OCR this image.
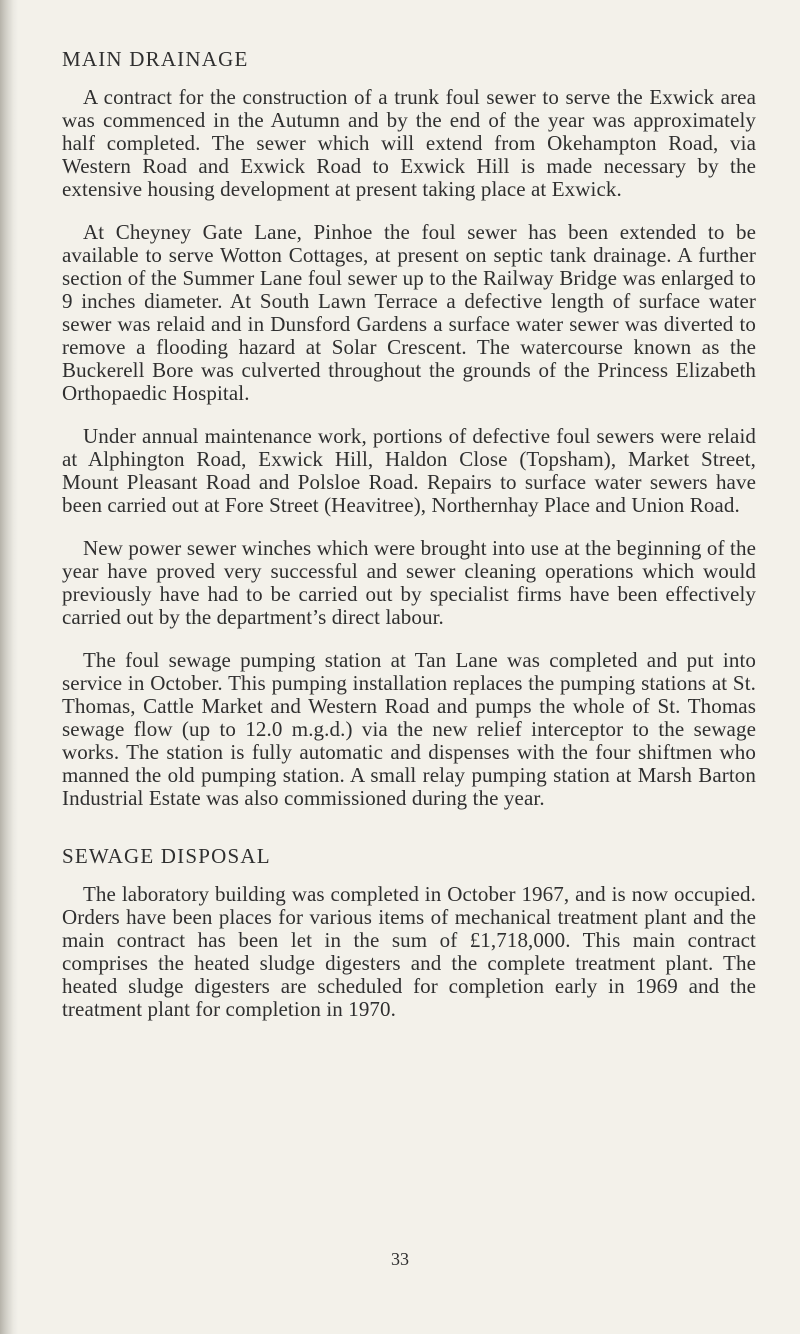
MAIN DRAINAGE

A contract for the construction of a trunk foul sewer to serve the Exwick area was commenced in the Autumn and by the end of the year was approximately half completed. The sewer which will extend from Okehampton Road, via Western Road and Exwick Road to Exwick Hill is made necessary by the extensive housing development at present taking place at Exwick.

At Cheyney Gate Lane, Pinhoe the foul sewer has been extended to be available to serve Wotton Cottages, at present on septic tank drainage. A further section of the Summer Lane foul sewer up to the Railway Bridge was enlarged to 9 inches diameter. At South Lawn Terrace a defective length of surface water sewer was relaid and in Dunsford Gardens a surface water sewer was diverted to remove a flooding hazard at Solar Crescent. The watercourse known as the Buckerell Bore was culverted throughout the grounds of the Princess Elizabeth Orthopaedic Hospital.

Under annual maintenance work, portions of defective foul sewers were relaid at Alphington Road, Exwick Hill, Haldon Close (Topsham), Market Street, Mount Pleasant Road and Polsloe Road. Repairs to surface water sewers have been carried out at Fore Street (Heavitree), Northernhay Place and Union Road.

New power sewer winches which were brought into use at the beginning of the year have proved very successful and sewer cleaning operations which would previously have had to be carried out by specialist firms have been effectively carried out by the department’s direct labour.

The foul sewage pumping station at Tan Lane was completed and put into service in October. This pumping installation replaces the pumping stations at St. Thomas, Cattle Market and Western Road and pumps the whole of St. Thomas sewage flow (up to 12.0 m.g.d.) via the new relief interceptor to the sewage works. The station is fully automatic and dispenses with the four shiftmen who manned the old pumping station. A small relay pumping station at Marsh Barton Industrial Estate was also commissioned during the year.

SEWAGE DISPOSAL

The laboratory building was completed in October 1967, and is now occupied. Orders have been places for various items of mechanical treatment plant and the main contract has been let in the sum of £1,718,000. This main contract comprises the heated sludge digesters and the complete treatment plant. The heated sludge digesters are scheduled for completion early in 1969 and the treatment plant for completion in 1970.

33
